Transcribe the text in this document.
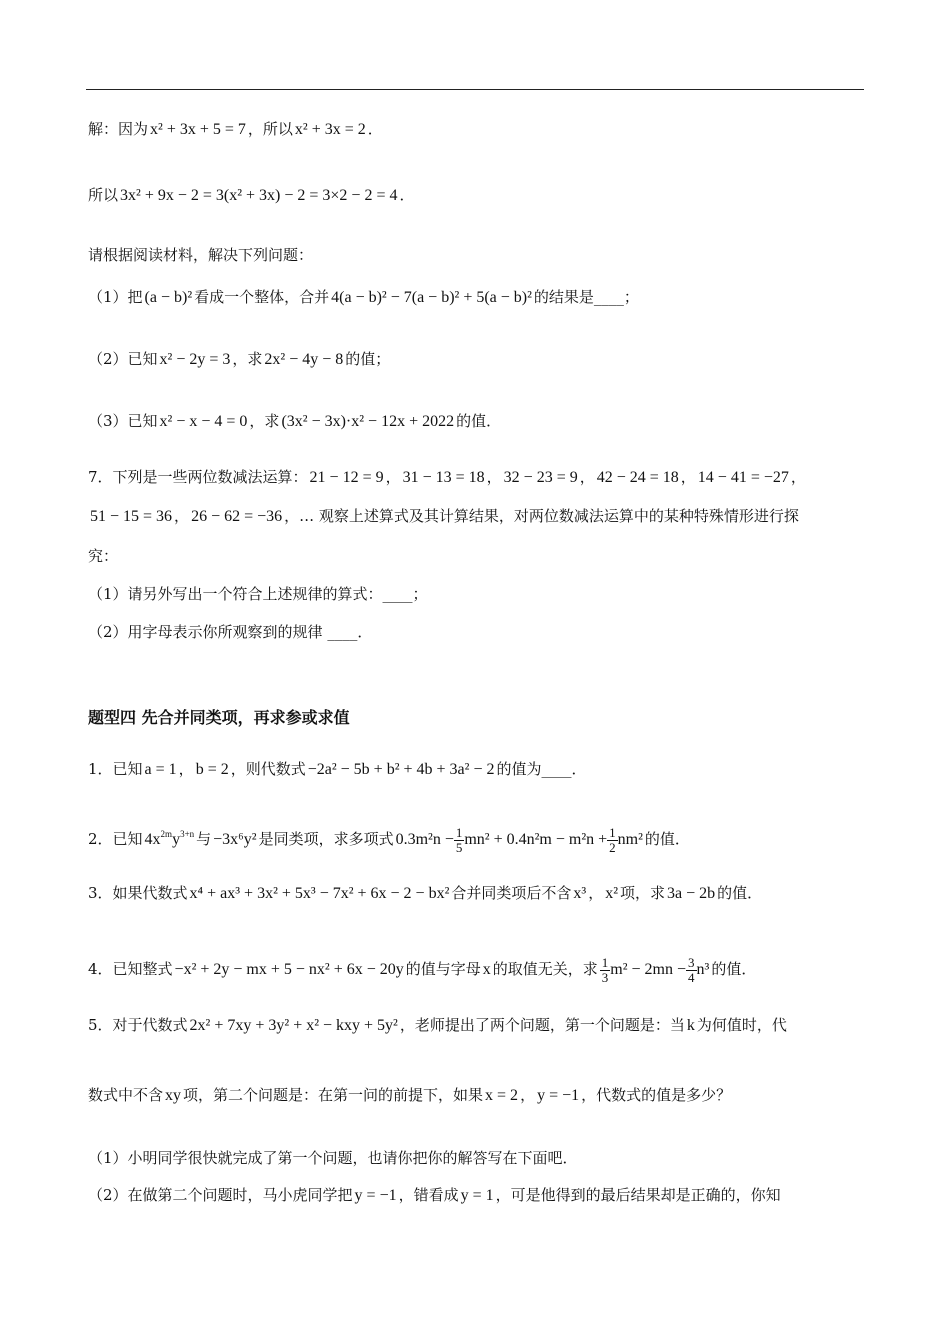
解：因为 x² + 3x + 5 = 7 ，所以 x² + 3x = 2 ．
所以 3x² + 9x − 2 = 3(x² + 3x) − 2 = 3×2 − 2 = 4 ．
请根据阅读材料，解决下列问题：
（1）把 (a − b)² 看成一个整体，合并 4(a − b)² − 7(a − b)² + 5(a − b)² 的结果是____；
（2）已知 x² − 2y = 3 ，求 2x² − 4y − 8 的值；
（3）已知 x² − x − 4 = 0 ，求 (3x² − 3x)·x² − 12x + 2022 的值．
7．下列是一些两位数减法运算： 21 − 12 = 9 ， 31 − 13 = 18 ， 32 − 23 = 9 ， 42 − 24 = 18 ， 14 − 41 = −27 ，
51 − 15 = 36 ， 26 − 62 = −36 ，… 观察上述算式及其计算结果，对两位数减法运算中的某种特殊情形进行探
究：
（1）请另外写出一个符合上述规律的算式：____；
（2）用字母表示你所观察到的规律 ____．
题型四 先合并同类项，再求参或求值
1．已知 a = 1 ， b = 2 ，则代数式 −2a² − 5b + b² + 4b + 3a² − 2 的值为____．
2．已知 $4x^{2m}y^{3+n}$ 与 −3x⁶y² 是同类项，求多项式 $0.3m^2n - \frac{1}{5} mn^2 + 0.4n^2m - m^2n + \frac{1}{2} nm^2$ 的值．
3．如果代数式 x⁴ + ax³ + 3x² + 5x³ − 7x² + 6x − 2 − bx² 合并同类项后不含 x³ ， x² 项，求 3a − 2b 的值．
4．已知整式 −x² + 2y − mx + 5 − nx² + 6x − 20y 的值与字母 x 的取值无关，求 $\frac{1}{3} m^2 - 2mn - \frac{3}{4} n^3$ 的值．
5．对于代数式 2x² + 7xy + 3y² + x² − kxy + 5y² ，老师提出了两个问题，第一个问题是：当 k 为何值时，代
数式中不含 xy 项，第二个问题是：在第一问的前提下，如果 x = 2 ， y = −1 ，代数式的值是多少？
（1）小明同学很快就完成了第一个问题，也请你把你的解答写在下面吧．
（2）在做第二个问题时，马小虎同学把 y = −1 ，错看成 y = 1 ，可是他得到的最后结果却是正确的，你知
